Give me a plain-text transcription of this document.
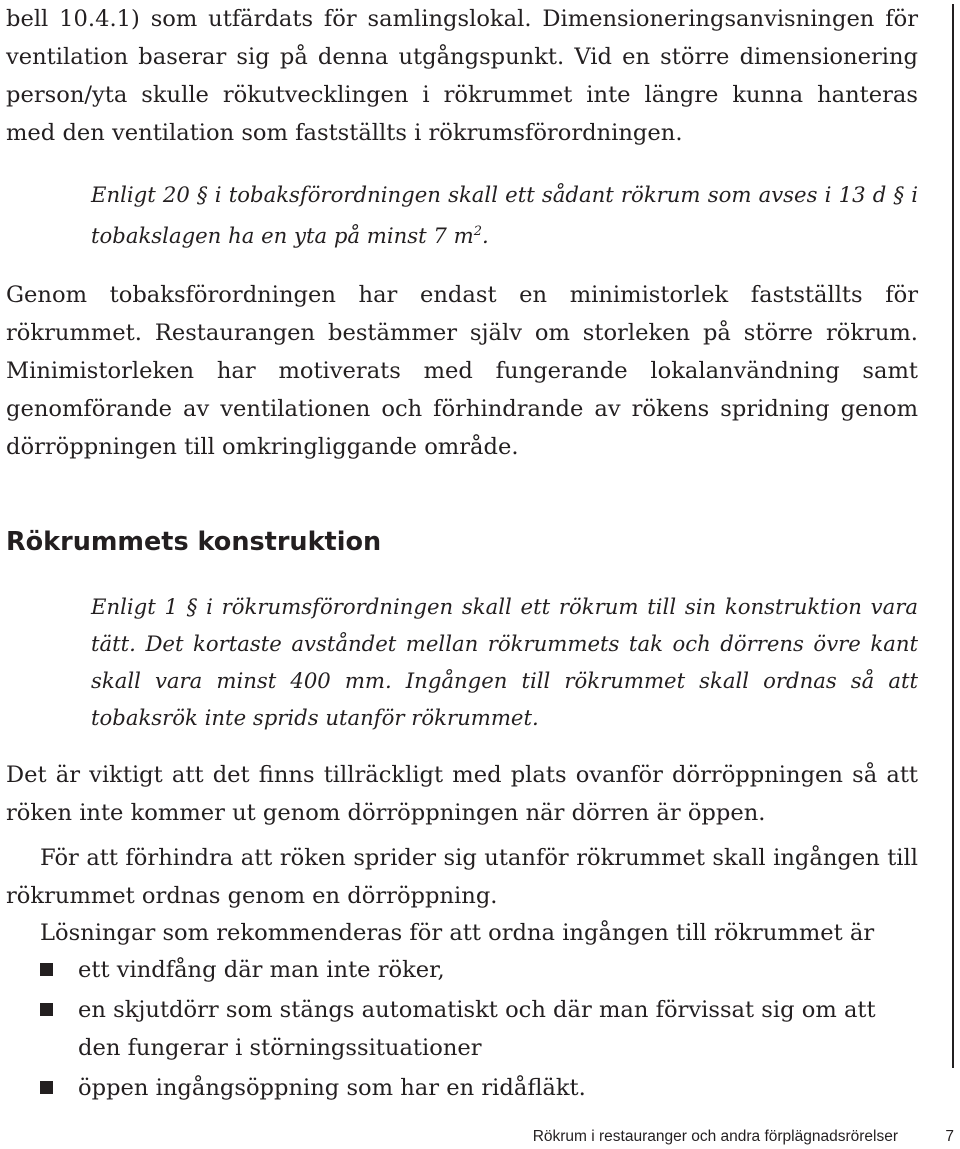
bell 10.4.1) som utfärdats för samlingslokal. Dimensioneringsanvisningen för ventilation baserar sig på denna utgångspunkt. Vid en större dimensionering person/yta skulle rökutvecklingen i rökrummet inte längre kunna hanteras med den ventilation som fastställts i rökrumsförordningen.

Enligt 20 § i tobaksförordningen skall ett sådant rökrum som avses i 13 d § i tobakslagen ha en yta på minst 7 $m^2$.

Genom tobaksförordningen har endast en minimistorlek fastställts för rökrummet. Restaurangen bestämmer själv om storleken på större rökrum. Minimistorleken har motiverats med fungerande lokalanvändning samt genomförande av ventilationen och förhindrande av rökens spridning genom dörröppningen till omkringliggande område.

Rökrummets konstruktion

Enligt 1 § i rökrumsförordningen skall ett rökrum till sin konstruktion vara tätt. Det kortaste avståndet mellan rökrummets tak och dörrens övre kant skall vara minst 400 mm. Ingången till rökrummet skall ordnas så att tobaksrök inte sprids utanför rökrummet.

Det är viktigt att det finns tillräckligt med plats ovanför dörröppningen så att röken inte kommer ut genom dörröppningen när dörren är öppen.

För att förhindra att röken sprider sig utanför rökrummet skall ingången till rökrummet ordnas genom en dörröppning.

Lösningar som rekommenderas för att ordna ingången till rökrummet är

ett vindfång där man inte röker,
en skjutdörr som stängs automatiskt och där man förvissat sig om att den fungerar i störningssituationer
öppen ingångsöppning som har en ridåfläkt.
Rökrum i restauranger och andra förplägnadsrörelser	7
